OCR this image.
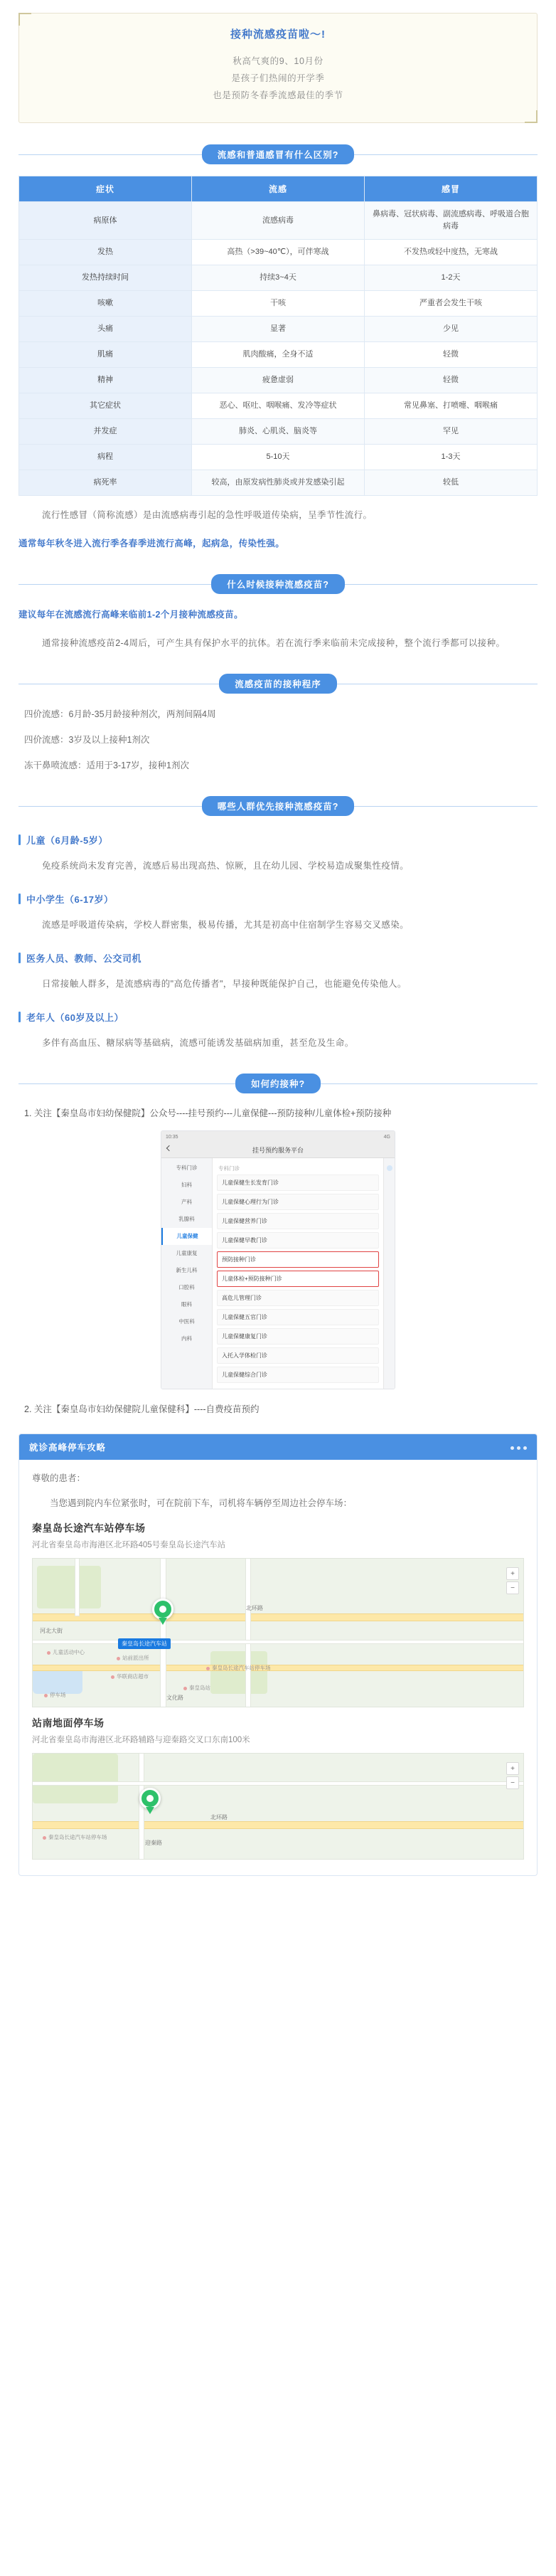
接种流感疫苗啦～!
秋高气爽的9、10月份
是孩子们热闹的开学季
也是预防冬春季流感最佳的季节
流感和普通感冒有什么区别?
症状	流感	感冒
病原体	流感病毒	鼻病毒、冠状病毒、副流感病毒、呼吸道合胞病毒
发热	高热（>39~40℃），可伴寒战	不发热或轻中度热，无寒战
发热持续时间	持续3~4天	1-2天
咳嗽	干咳	严重者会发生干咳
头痛	显著	少见
肌痛	肌肉酸痛，全身不适	轻微
精神	疲惫虚弱	轻微
其它症状	恶心、呕吐、咽喉痛、发冷等症状	常见鼻塞、打喷嚏、咽喉痛
并发症	肺炎、心肌炎、脑炎等	罕见
病程	5-10天	1-3天
病死率	较高，由原发病性肺炎或并发感染引起	较低
流行性感冒（简称流感）是由流感病毒引起的急性呼吸道传染病，呈季节性流行。
通常每年秋冬进入流行季各春季进流行高峰，起病急，传染性强。
什么时候接种流感疫苗?
建议每年在流感流行高峰来临前1-2个月接种流感疫苗。
通常接种流感疫苗2-4周后，可产生具有保护水平的抗体。若在流行季来临前未完成接种，整个流行季都可以接种。
流感疫苗的接种程序
四价流感：6月龄-35月龄接种剂次，两剂间隔4周
四价流感：3岁及以上接种1剂次
冻干鼻喷流感：适用于3-17岁，接种1剂次
哪些人群优先接种流感疫苗?
儿童（6月龄-5岁）
免疫系统尚未发育完善，流感后易出现高热、惊厥，且在幼儿园、学校易造成聚集性疫情。
中小学生（6-17岁）
流感是呼吸道传染病，学校人群密集，极易传播，尤其是初高中住宿制学生容易交叉感染。
医务人员、教师、公交司机
日常接触人群多，是流感病毒的"高危传播者"，早接种既能保护自己，也能避免传染他人。
老年人（60岁及以上）
多伴有高血压、糖尿病等基础病，流感可能诱发基础病加重，甚至危及生命。
如何约接种?
1. 关注【秦皇岛市妇幼保健院】公众号----挂号预约---儿童保健---预防接种/儿童体检+预防接种
10:35	4G
挂号预约服务平台
专科门诊
妇科
产科
乳腺科
儿童保健
儿童康复
新生儿科
口腔科
眼科
中医科
内科
专科门诊
儿童保健生长发育门诊
儿童保健心理行为门诊
儿童保健营养门诊
儿童保健早教门诊
预防接种门诊
儿童体检+预防接种门诊
高危儿管理门诊
儿童保健五官门诊
儿童保健康复门诊
入托入学体检门诊
儿童保健综合门诊
2. 关注【秦皇岛市妇幼保健院儿童保健科】----自费疫苗预约
就诊高峰停车攻略

尊敬的患者：

当您遇到院内车位紧张时，可在院前下车，司机将车辆停至周边社会停车场：

秦皇岛长途汽车站停车场
河北省秦皇岛市海港区北环路405号秦皇岛长途汽车站
北环路
文化路
河北大街
儿童活动中心
站前派出所
华联商店超市
秦皇岛站
秦皇岛长途汽车站停车场
停车场
秦皇岛长途汽车站
+
−
站南地面停车场
河北省秦皇岛市海港区北环路辅路与迎秦路交叉口东南100米
迎秦路
北环路
秦皇岛长途汽车站停车场
+
−
